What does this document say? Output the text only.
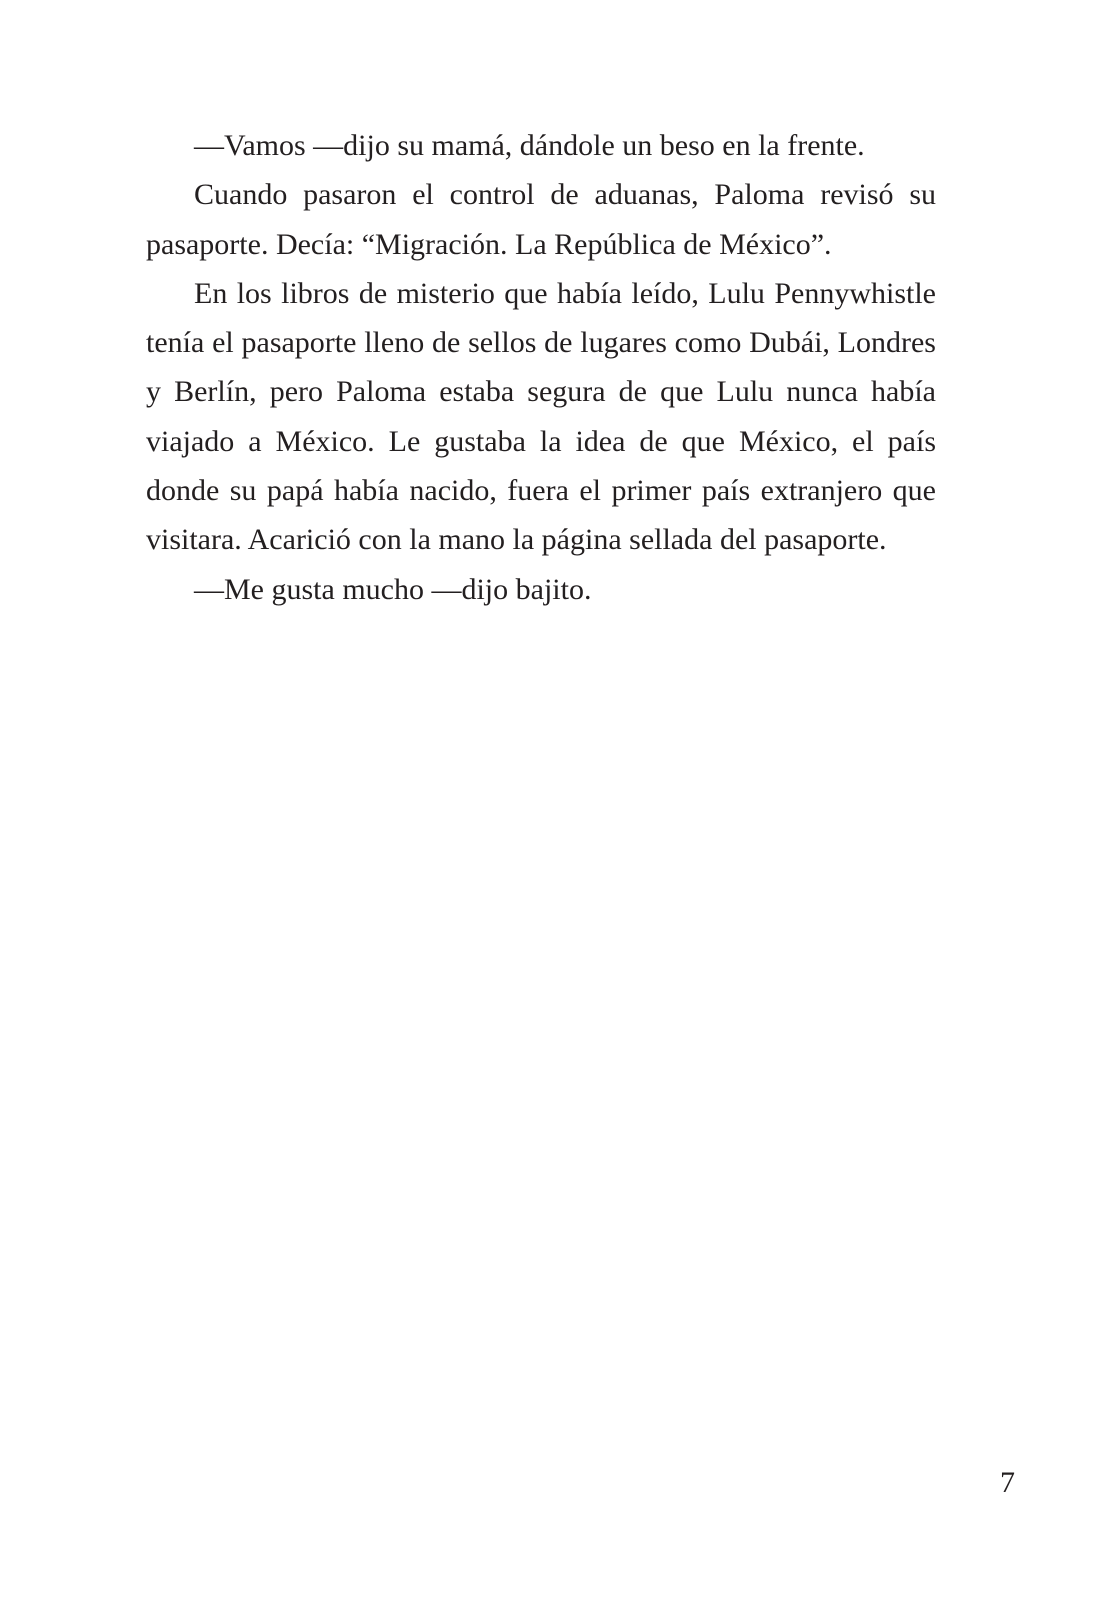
—Vamos —dijo su mamá, dándole un beso en la frente.

Cuando pasaron el control de aduanas, Paloma revisó su pasaporte. Decía: “Migración. La República de México”.

En los libros de misterio que había leído, Lulu Pennywhistle tenía el pasaporte lleno de sellos de lugares como Dubái, Londres y Berlín, pero Paloma estaba segura de que Lulu nunca había viajado a México. Le gustaba la idea de que México, el país donde su papá había nacido, fuera el primer país extranjero que visitara. Acarició con la mano la página sellada del pasaporte.

—Me gusta mucho —dijo bajito.

7
